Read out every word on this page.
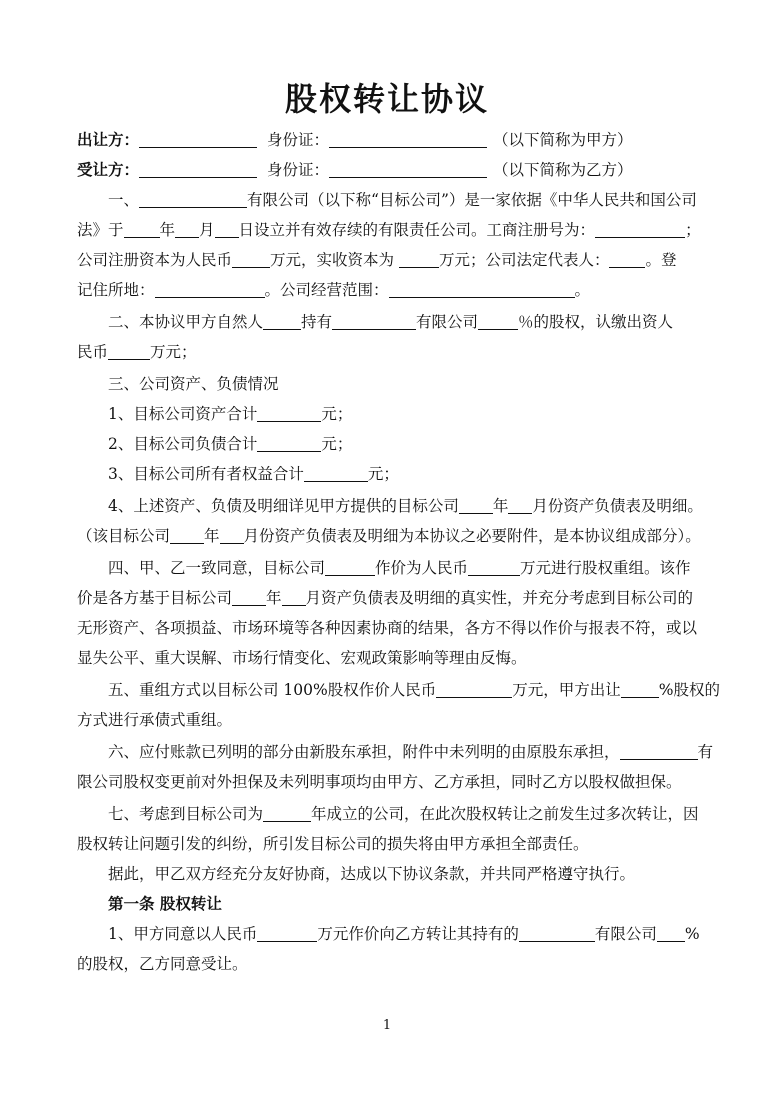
股权转让协议
出让方：	身份证：	（以下简称为甲方）
受让方：	身份证：	（以下简称为乙方）
一、	有限公司（以下称“目标公司”）是一家依据《中华人民共和国公司
法》于 年 月 日设立并有效存续的有限责任公司。工商注册号为：	；
公司注册资本为人民币 万元，实收资本为	万元；公司法定代表人： 。登
记住所地：	。公司经营范围：	。
二、本协议甲方自然人 持有	有限公司	％的股权，认缴出资人
民币	万元；
三、公司资产、负债情况
1、目标公司资产合计	元；
2、目标公司负债合计	元；
3、目标公司所有者权益合计	元；
4、上述资产、负债及明细详见甲方提供的目标公司 年 月份资产负债表及明细。
（该目标公司 年 月份资产负债表及明细为本协议之必要附件，是本协议组成部分）。
四、甲、乙一致同意，目标公司	作价为人民币	万元进行股权重组。该作
价是各方基于目标公司 年 月资产负债表及明细的真实性，并充分考虑到目标公司的
无形资产、各项损益、市场环境等各种因素协商的结果，各方不得以作价与报表不符，或以
显失公平、重大误解、市场行情变化、宏观政策影响等理由反悔。
五、重组方式以目标公司 100%股权作价人民币	万元，甲方出让 %股权的
方式进行承债式重组。
六、应付账款已列明的部分由新股东承担，附件中未列明的由原股东承担，	有
限公司股权变更前对外担保及未列明事项均由甲方、乙方承担，同时乙方以股权做担保。
七、考虑到目标公司为	年成立的公司，在此次股权转让之前发生过多次转让，因
股权转让问题引发的纠纷，所引发目标公司的损失将由甲方承担全部责任。
据此，甲乙双方经充分友好协商，达成以下协议条款，并共同严格遵守执行。
第一条 股权转让
1、甲方同意以人民币	万元作价向乙方转让其持有的	有限公司 %
的股权，乙方同意受让。
1
